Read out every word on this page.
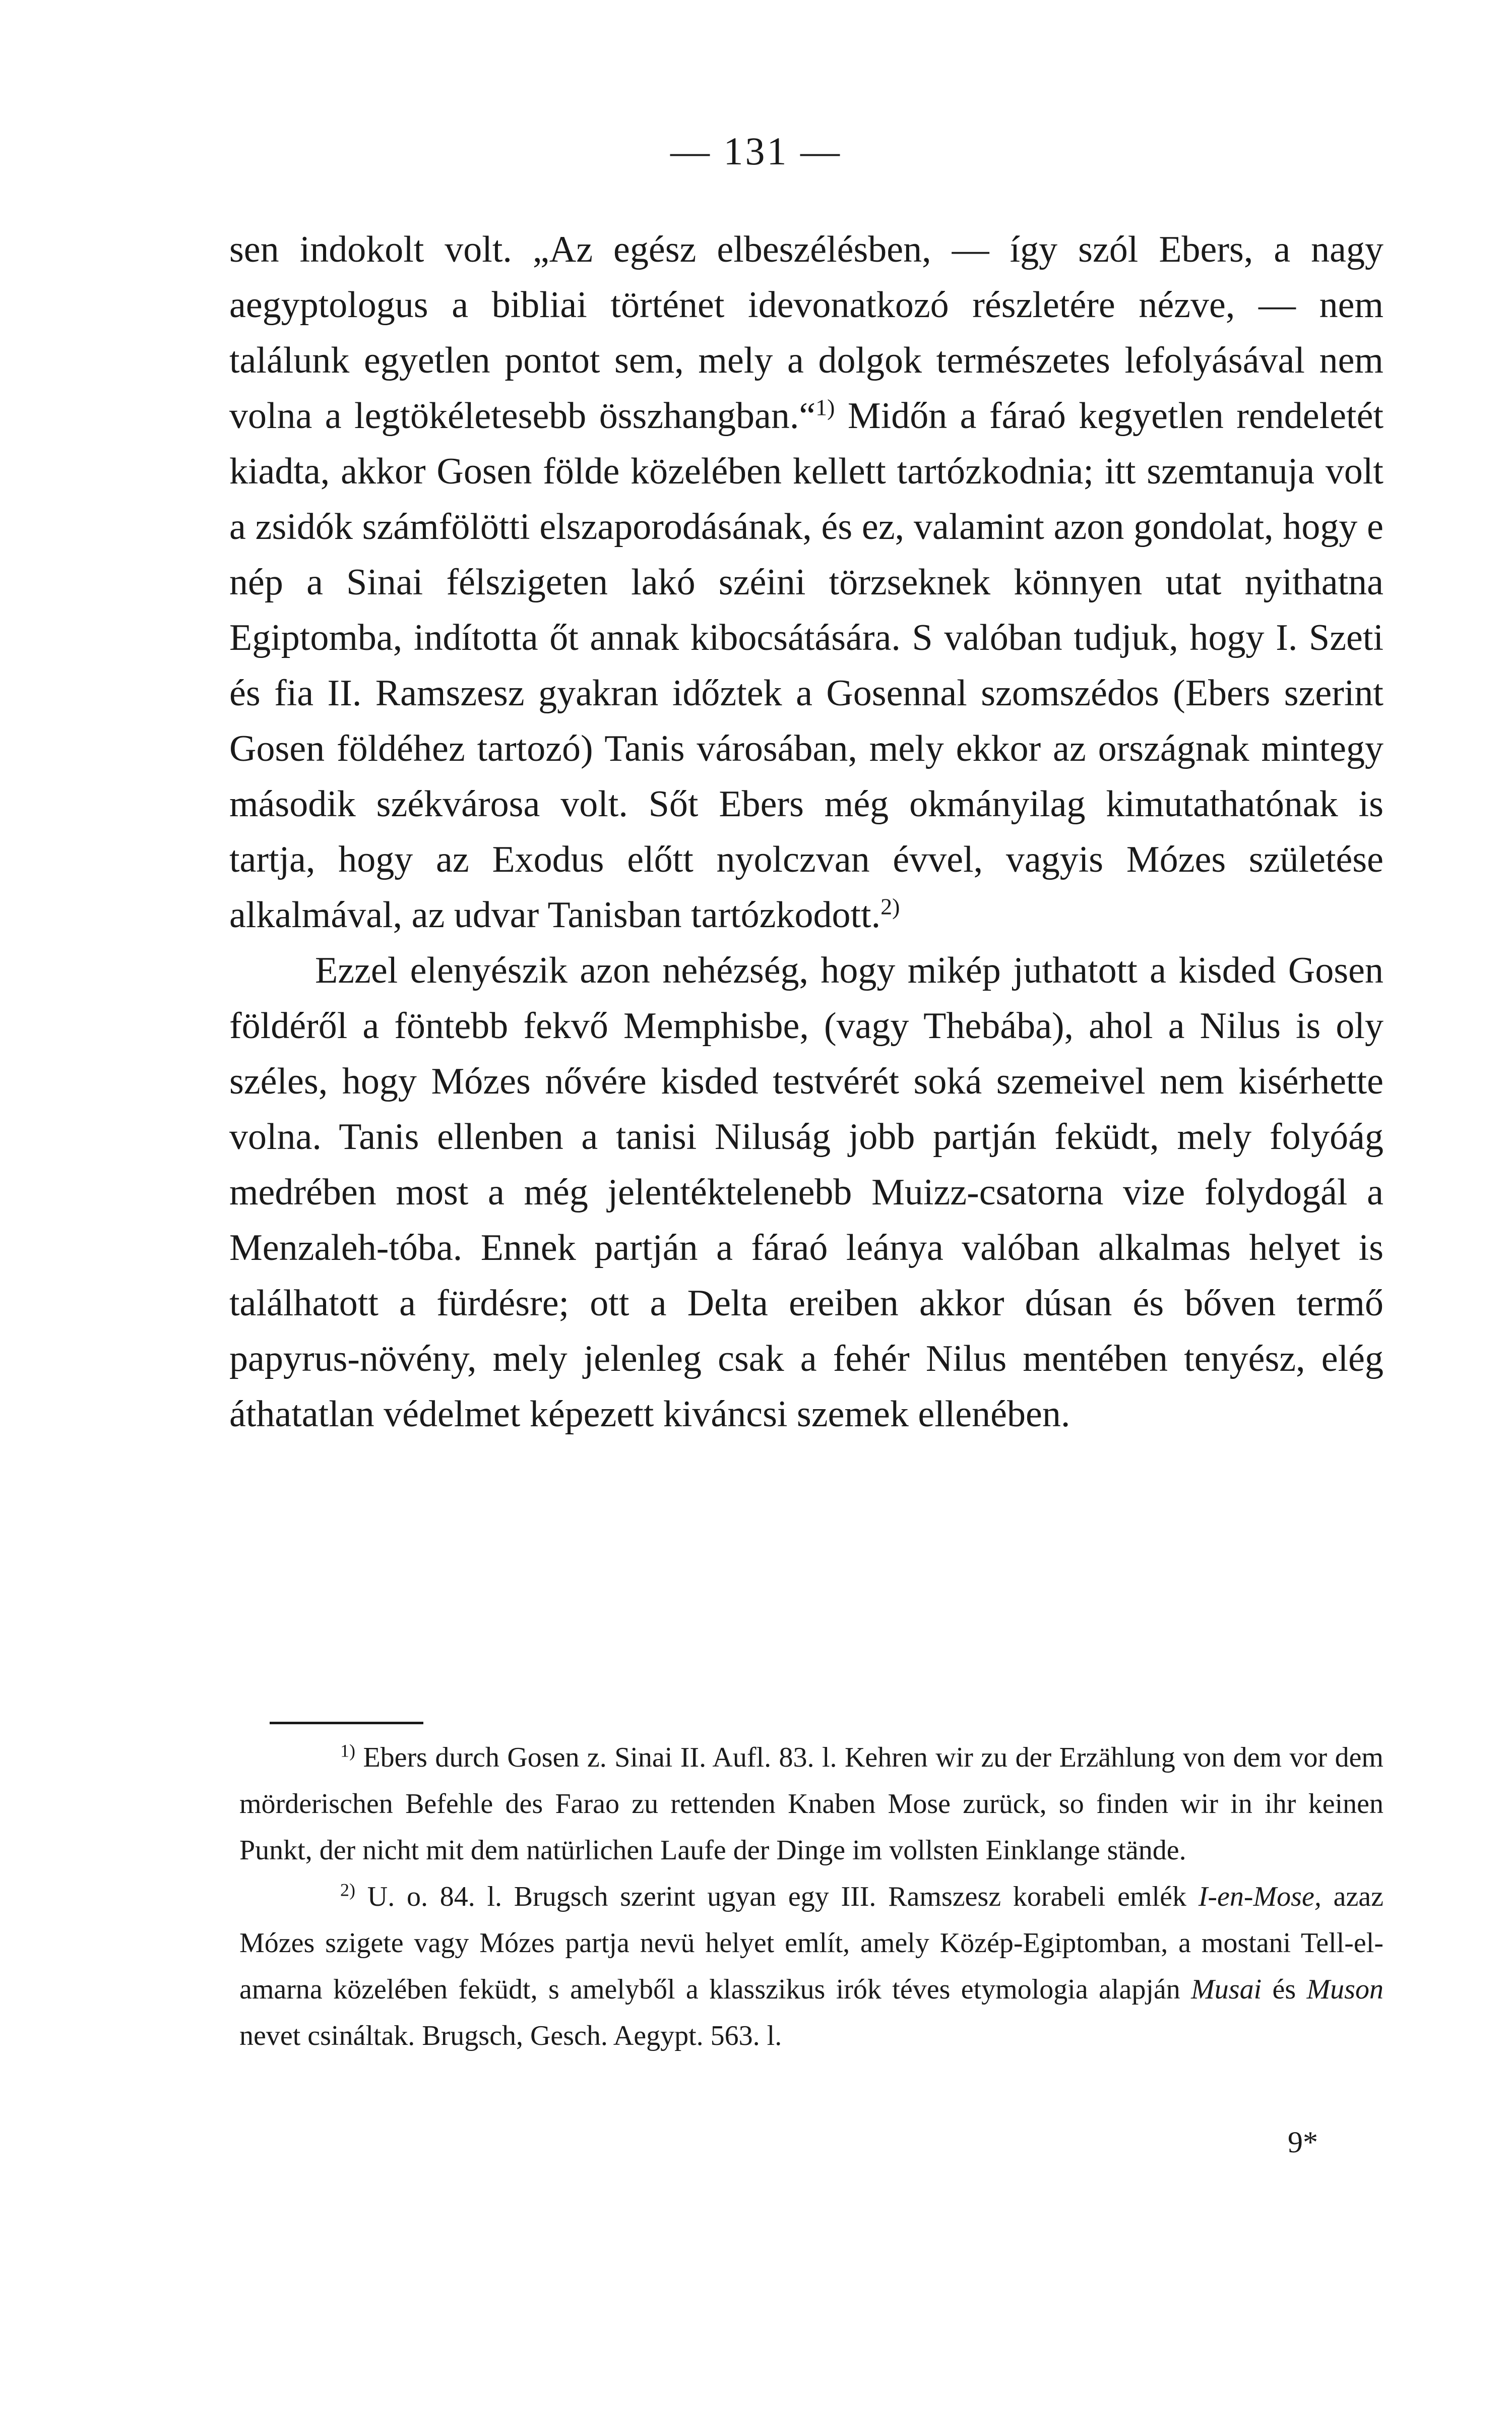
— 131 —

sen indokolt volt. „Az egész elbeszélésben, — így szól Ebers, a nagy aegyptologus a bibliai történet idevonatkozó részletére nézve, — nem találunk egyetlen pontot sem, mely a dolgok természetes lefolyásával nem volna a legtökéletesebb összhangban.“$^{1)}$ Midőn a fáraó kegyetlen rendeletét kiadta, akkor Gosen földe közelében kellett tartózkodnia; itt szemtanuja volt a zsidók számfölötti elszaporodásának, és ez, valamint azon gondolat, hogy e nép a Sinai félszigeten lakó széini törzseknek könnyen utat nyithatna Egiptomba, indította őt annak kibocsátására. S valóban tudjuk, hogy I. Szeti és fia II. Ramszesz gyakran időztek a Gosennal szomszédos (Ebers szerint Gosen földéhez tartozó) Tanis városában, mely ekkor az országnak mintegy második székvárosa volt. Sőt Ebers még okmányilag kimutathatónak is tartja, hogy az Exodus előtt nyolczvan évvel, vagyis Mózes születése alkalmával, az udvar Tanisban tartózkodott.$^{2)}$

Ezzel elenyészik azon nehézség, hogy mikép juthatott a kisded Gosen földéről a föntebb fekvő Memphisbe, (vagy Thebába), ahol a Nilus is oly széles, hogy Mózes nővére kisded testvérét soká szemeivel nem kisérhette volna. Tanis ellenben a tanisi Niluság jobb partján feküdt, mely folyóág medrében most a még jelentéktelenebb Muizz-csatorna vize folydogál a Menzaleh-tóba. Ennek partján a fáraó leánya valóban alkalmas helyet is találhatott a fürdésre; ott a Delta ereiben akkor dúsan és bőven termő papyrus-növény, mely jelenleg csak a fehér Nilus mentében tenyész, elég áthatatlan védelmet képezett kiváncsi szemek ellenében.

$^{1)}$ Ebers durch Gosen z. Sinai II. Aufl. 83. l. Kehren wir zu der Erzählung von dem vor dem mörderischen Befehle des Farao zu rettenden Knaben Mose zurück, so finden wir in ihr keinen Punkt, der nicht mit dem natürlichen Laufe der Dinge im vollsten Einklange stände.

$^{2)}$ U. o. 84. l. Brugsch szerint ugyan egy III. Ramszesz korabeli emlék I-en-Mose, azaz Mózes szigete vagy Mózes partja nevü helyet említ, amely Közép-Egiptomban, a mostani Tell-el-amarna közelében feküdt, s amelyből a klasszikus irók téves etymologia alapján Musai és Muson nevet csináltak. Brugsch, Gesch. Aegypt. 563. l.

9*
